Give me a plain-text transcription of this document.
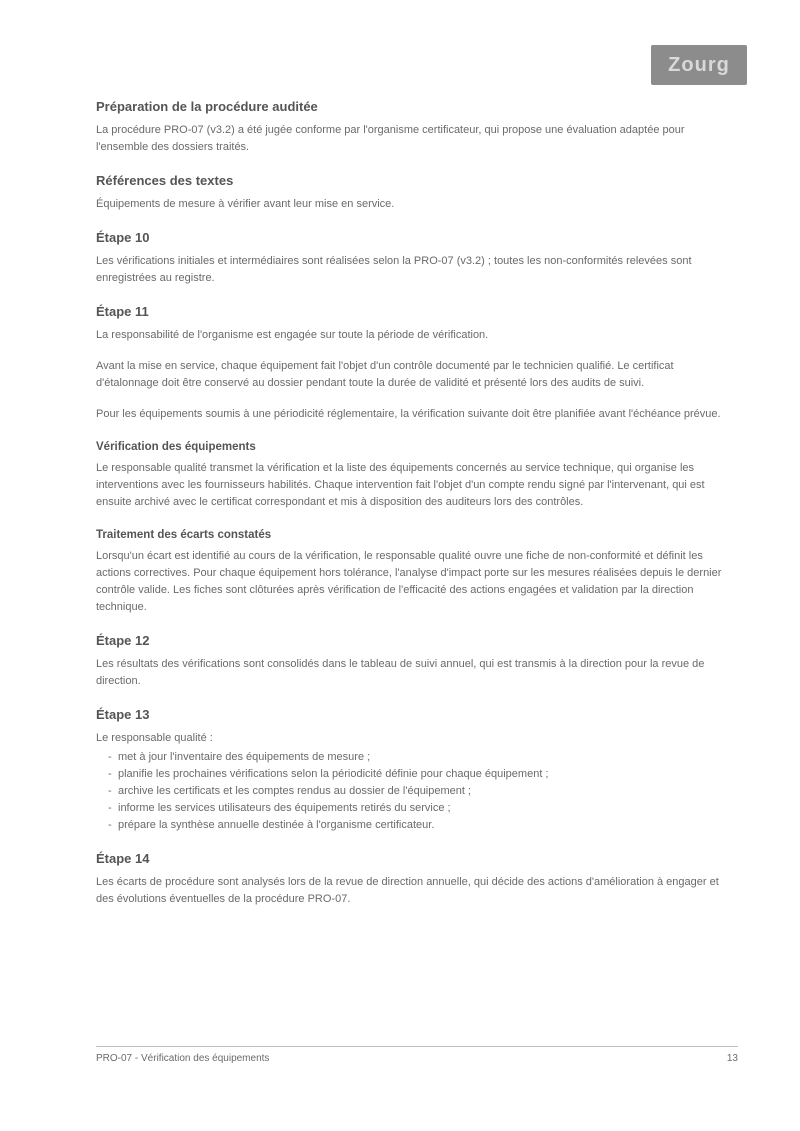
Zourg
Préparation de la procédure auditée

La procédure PRO-07 (v3.2) a été jugée conforme par l'organisme certificateur, qui propose une évaluation adaptée pour l'ensemble des dossiers traités.

Références des textes

Équipements de mesure à vérifier avant leur mise en service.

Étape 10

Les vérifications initiales et intermédiaires sont réalisées selon la PRO-07 (v3.2) ; toutes les non-conformités relevées sont enregistrées au registre.

Étape 11

La responsabilité de l'organisme est engagée sur toute la période de vérification.

Avant la mise en service, chaque équipement fait l'objet d'un contrôle documenté par le technicien qualifié. Le certificat d'étalonnage doit être conservé au dossier pendant toute la durée de validité et présenté lors des audits de suivi.

Pour les équipements soumis à une périodicité réglementaire, la vérification suivante doit être planifiée avant l'échéance prévue.

Vérification des équipements

Le responsable qualité transmet la vérification et la liste des équipements concernés au service technique, qui organise les interventions avec les fournisseurs habilités. Chaque intervention fait l'objet d'un compte rendu signé par l'intervenant, qui est ensuite archivé avec le certificat correspondant et mis à disposition des auditeurs lors des contrôles.

Traitement des écarts constatés

Lorsqu'un écart est identifié au cours de la vérification, le responsable qualité ouvre une fiche de non-conformité et définit les actions correctives. Pour chaque équipement hors tolérance, l'analyse d'impact porte sur les mesures réalisées depuis le dernier contrôle valide. Les fiches sont clôturées après vérification de l'efficacité des actions engagées et validation par la direction technique.

Étape 12

Les résultats des vérifications sont consolidés dans le tableau de suivi annuel, qui est transmis à la direction pour la revue de direction.

Étape 13

Le responsable qualité :

- met à jour l'inventaire des équipements de mesure ;
- planifie les prochaines vérifications selon la périodicité définie pour chaque équipement ;
- archive les certificats et les comptes rendus au dossier de l'équipement ;
- informe les services utilisateurs des équipements retirés du service ;
- prépare la synthèse annuelle destinée à l'organisme certificateur.
Étape 14

Les écarts de procédure sont analysés lors de la revue de direction annuelle, qui décide des actions d'amélioration à engager et des évolutions éventuelles de la procédure PRO-07.

PRO-07 - Vérification des équipements	13
